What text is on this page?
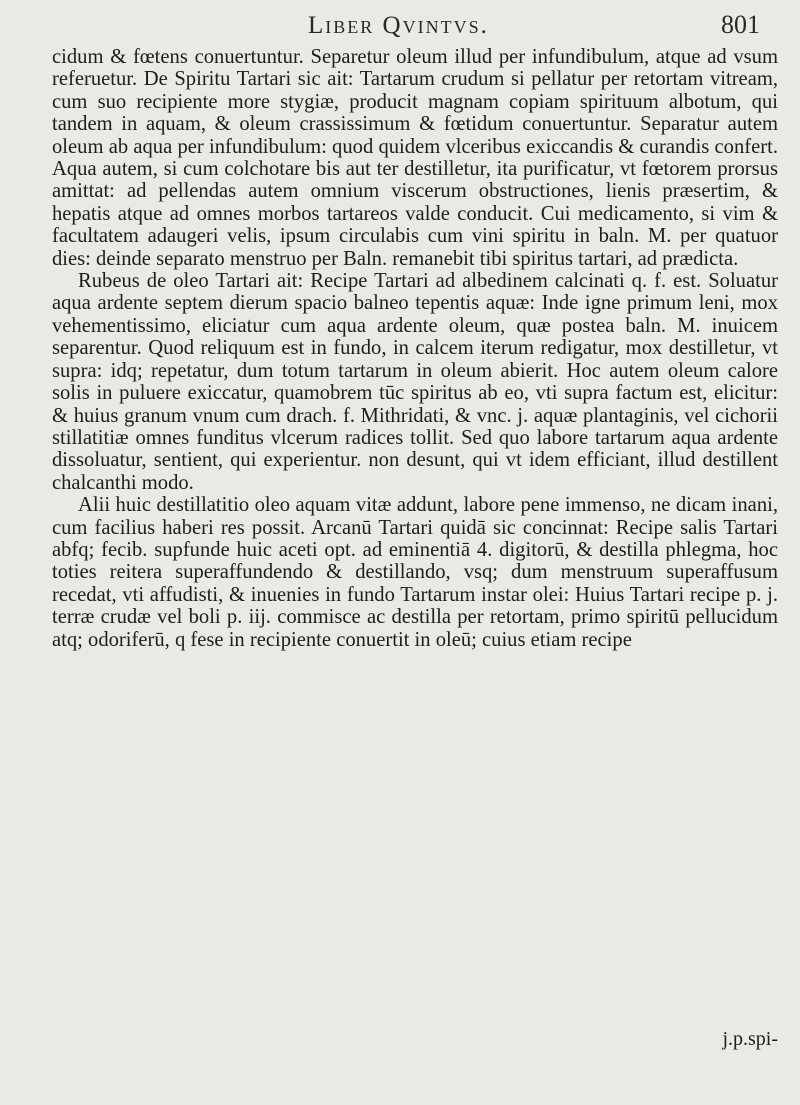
Liber Qvintvs.	801

cidum & fœtens conuertuntur. Separetur oleum illud per infundibulum, atque ad vsum referuetur. De Spiritu Tartari sic ait: Tartarum crudum si pellatur per retortam vitream, cum suo recipiente more stygiæ, producit magnam copiam spirituum albotum, qui tandem in aquam, & oleum crassissimum & fœtidum conuertuntur. Separatur autem oleum ab aqua per infundibulum: quod quidem vlceribus exiccandis & curandis confert. Aqua autem, si cum colchotare bis aut ter destilletur, ita purificatur, vt fœtorem prorsus amittat: ad pellendas autem omnium viscerum obstructiones, lienis præsertim, & hepatis atque ad omnes morbos tartareos valde conducit. Cui medicamento, si vim & facultatem adaugeri velis, ipsum circulabis cum vini spiritu in baln. M. per quatuor dies: deinde separato menstruo per Baln. remanebit tibi spiritus tartari, ad prædicta.

Rubeus de oleo Tartari ait: Recipe Tartari ad albedinem calcinati q. f. est. Soluatur aqua ardente septem dierum spacio balneo tepentis aquæ: Inde igne primum leni, mox vehementissimo, eliciatur cum aqua ardente oleum, quæ postea baln. M. inuicem separentur. Quod reliquum est in fundo, in calcem iterum redigatur, mox destilletur, vt supra: idq; repetatur, dum totum tartarum in oleum abierit. Hoc autem oleum calore solis in puluere exiccatur, quamobrem tūc spiritus ab eo, vti supra factum est, elicitur: & huius granum vnum cum drach. f. Mithridati, & vnc. j. aquæ plantaginis, vel cichorii stillatitiæ omnes funditus vlcerum radices tollit. Sed quo labore tartarum aqua ardente dissoluatur, sentient, qui experientur. non desunt, qui vt idem efficiant, illud destillent chalcanthi modo.

Alii huic destillatitio oleo aquam vitæ addunt, labore pene immenso, ne dicam inani, cum facilius haberi res possit. Arcanū Tartari quidā sic concinnat: Recipe salis Tartari abfq; fecib. supfunde huic aceti opt. ad eminentiā 4. digitorū, & destilla phlegma, hoc toties reitera superaffundendo & destillando, vsq; dum menstruum superaffusum recedat, vti affudisti, & inuenies in fundo Tartarum instar olei: Huius Tartari recipe p. j. terræ crudæ vel boli p. iij. commisce ac destilla per retortam, primo spiritū pellucidum atq; odoriferū, q fese in recipiente conuertit in oleū; cuius etiam recipe

j.p.spi-
